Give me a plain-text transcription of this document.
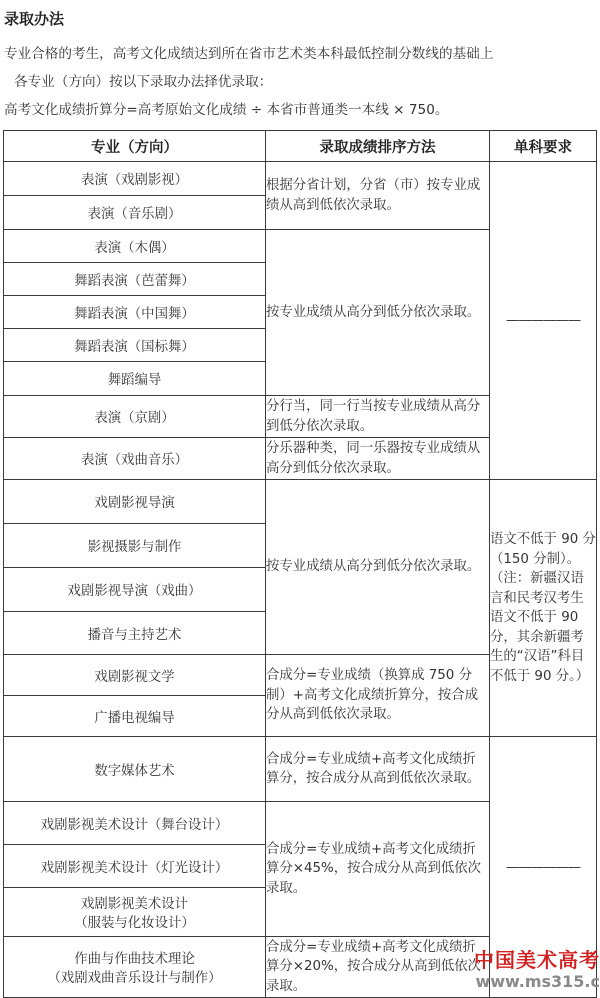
录取办法

专业合格的考生，高考文化成绩达到所在省市艺术类本科最低控制分数线的基础上

各专业（方向）按以下录取办法择优录取：

高考文化成绩折算分=高考原始文化成绩 ÷ 本省市普通类一本线 × 750。

专业（方向）	录取成绩排序方法	单科要求
表演（戏剧影视）	根据分省计划，分省（市）按专业成绩从高到低依次录取。	——————
表演（音乐剧）		
表演（木偶）	按专业成绩从高分到低分依次录取。	
舞蹈表演（芭蕾舞）		
舞蹈表演（中国舞）		
舞蹈表演（国标舞）		
舞蹈编导		
表演（京剧）	分行当，同一行当按专业成绩从高分到低分依次录取。	
表演（戏曲音乐）	分乐器种类，同一乐器按专业成绩从高分到低分依次录取。	
戏剧影视导演	按专业成绩从高分到低分依次录取。	语文不低于 90 分（150 分制）。（注：新疆汉语言和民考汉考生语文不低于 90 分，其余新疆考生的“汉语”科目不低于 90 分。）
影视摄影与制作		
戏剧影视导演（戏曲）		
播音与主持艺术		
戏剧影视文学	合成分=专业成绩（换算成 750 分制）+高考文化成绩折算分，按合成分从高到低依次录取。	
广播电视编导		
数字媒体艺术	合成分=专业成绩+高考文化成绩折算分，按合成分从高到低依次录取。	——————
戏剧影视美术设计（舞台设计）	合成分=专业成绩+高考文化成绩折算分×45%，按合成分从高到低依次录取。	
戏剧影视美术设计（灯光设计）		

戏剧影视美术设计
（服装与化妆设计）		

作曲与作曲技术理论
（戏剧戏曲音乐设计与制作）	合成分=专业成绩+高考文化成绩折算分×20%，按合成分从高到低依次录取。	
中国美术高考
www.ms315.c
